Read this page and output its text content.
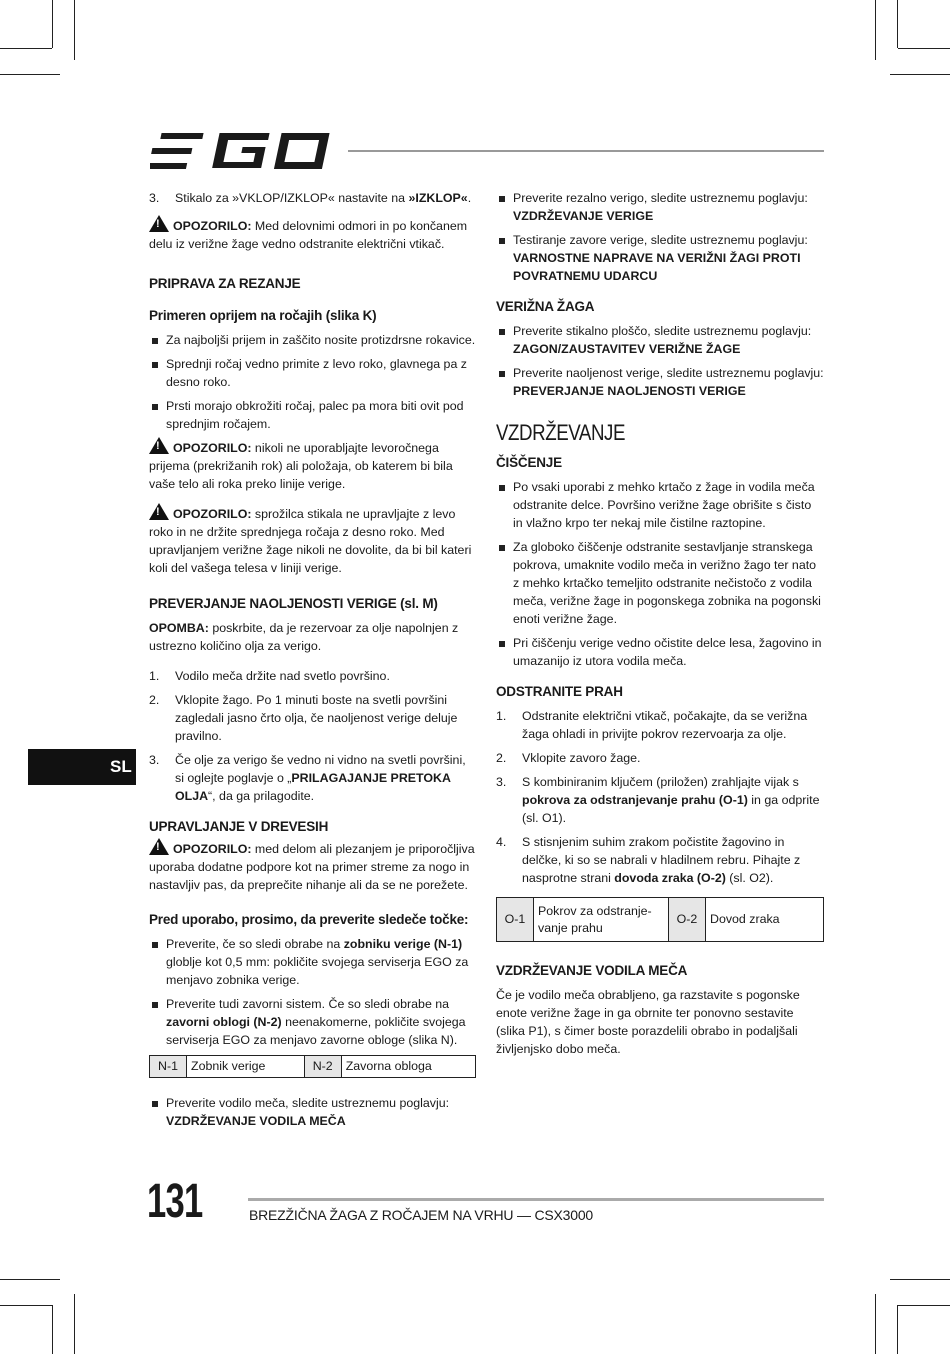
SL

3. Stikalo za »VKLOP/IZKLOP« nastavite na »IZKLOP«.

!OPOZORILO: Med delovnimi odmori in po končanem delu iz verižne žage vedno odstranite električni vtikač.

PRIPRAVA ZA REZANJE

Primeren oprijem na ročajih (slika K)

Za najboljši prijem in zaščito nosite protizdrsne rokavice.

Sprednji ročaj vedno primite z levo roko, glavnega pa z desno roko.

Prsti morajo obkrožiti ročaj, palec pa mora biti ovit pod sprednjim ročajem.

!OPOZORILO: nikoli ne uporabljajte levoročnega prijema (prekrižanih rok) ali položaja, ob katerem bi bila vaše telo ali roka preko linije verige.

!OPOZORILO: sprožilca stikala ne upravljajte z levo roko in ne držite sprednjega ročaja z desno roko. Med upravljanjem verižne žage nikoli ne dovolite, da bi bil kateri koli del vašega telesa v liniji verige.

PREVERJANJE NAOLJENOSTI VERIGE (sl. M)

OPOMBA: poskrbite, da je rezervoar za olje napolnjen z ustrezno količino olja za verigo.

1. Vodilo meča držite nad svetlo površino.

2. Vklopite žago. Po 1 minuti boste na svetli površini zagledali jasno črto olja, če naoljenost verige deluje pravilno.

3. Če olje za verigo še vedno ni vidno na svetli površini, si oglejte poglavje o „PRILAGAJANJE PRETOKA OLJA“, da ga prilagodite.

UPRAVLJANJE V DREVESIH

!OPOZORILO: med delom ali plezanjem je priporočljiva uporaba dodatne podpore kot na primer streme za nogo in nastavljiv pas, da preprečite nihanje ali da se ne porežete.

Pred uporabo, prosimo, da preverite sledeče točke:

Preverite, če so sledi obrabe na zobniku verige (N-1) globlje kot 0,5 mm: pokličite svojega serviserja EGO za menjavo zobnika verige.

Preverite tudi zavorni sistem. Če so sledi obrabe na zavorni oblogi (N-2) neenakomerne, pokličite svojega serviserja EGO za menjavo zavorne obloge (slika N).

N-1	Zobnik verige	N-2	Zavorna obloga

Preverite vodilo meča, sledite ustreznemu poglavju:
VZDRŽEVANJE VODILA MEČA

Preverite rezalno verigo, sledite ustreznemu poglavju:
VZDRŽEVANJE VERIGE

Testiranje zavore verige, sledite ustreznemu poglavju:
VARNOSTNE NAPRAVE NA VERIŽNI ŽAGI PROTI POVRATNEMU UDARCU

VERIŽNA ŽAGA

Preverite stikalno ploščo, sledite ustreznemu poglavju:
ZAGON/ZAUSTAVITEV VERIŽNE ŽAGE

Preverite naoljenost verige, sledite ustreznemu poglavju:
PREVERJANJE NAOLJENOSTI VERIGE

VZDRŽEVANJE

ČIŠČENJE

Po vsaki uporabi z mehko krtačo z žage in vodila meča odstranite delce. Površino verižne žage obrišite s čisto in vlažno krpo ter nekaj mile čistilne raztopine.

Za globoko čiščenje odstranite sestavljanje stranskega pokrova, umaknite vodilo meča in verižno žago ter nato z mehko krtačko temeljito odstranite nečistočo z vodila meča, verižne žage in pogonskega zobnika na pogonski enoti verižne žage.

Pri čiščenju verige vedno očistite delce lesa, žagovino in umazanijo iz utora vodila meča.

ODSTRANITE PRAH

1. Odstranite električni vtikač, počakajte, da se verižna žaga ohladi in privijte pokrov rezervoarja za olje.

2. Vklopite zavoro žage.

3. S kombiniranim ključem (priložen) zrahljajte vijak s pokrova za odstranjevanje prahu (O-1) in ga odprite (sl. O1).

4. S stisnjenim suhim zrakom počistite žagovino in delčke, ki so se nabrali v hladilnem rebru. Pihajte z nasprotne strani dovoda zraka (O-2) (sl. O2).

O-1	Pokrov za odstranje-vanje prahu	O-2	Dovod zraka

VZDRŽEVANJE VODILA MEČA

Če je vodilo meča obrabljeno, ga razstavite s pogonske enote verižne žage in ga obrnite ter ponovno sestavite (slika P1), s čimer boste porazdelili obrabo in podaljšali življenjsko dobo meča.

131	BREZŽIČNA ŽAGA Z ROČAJEM NA VRHU — CSX3000
